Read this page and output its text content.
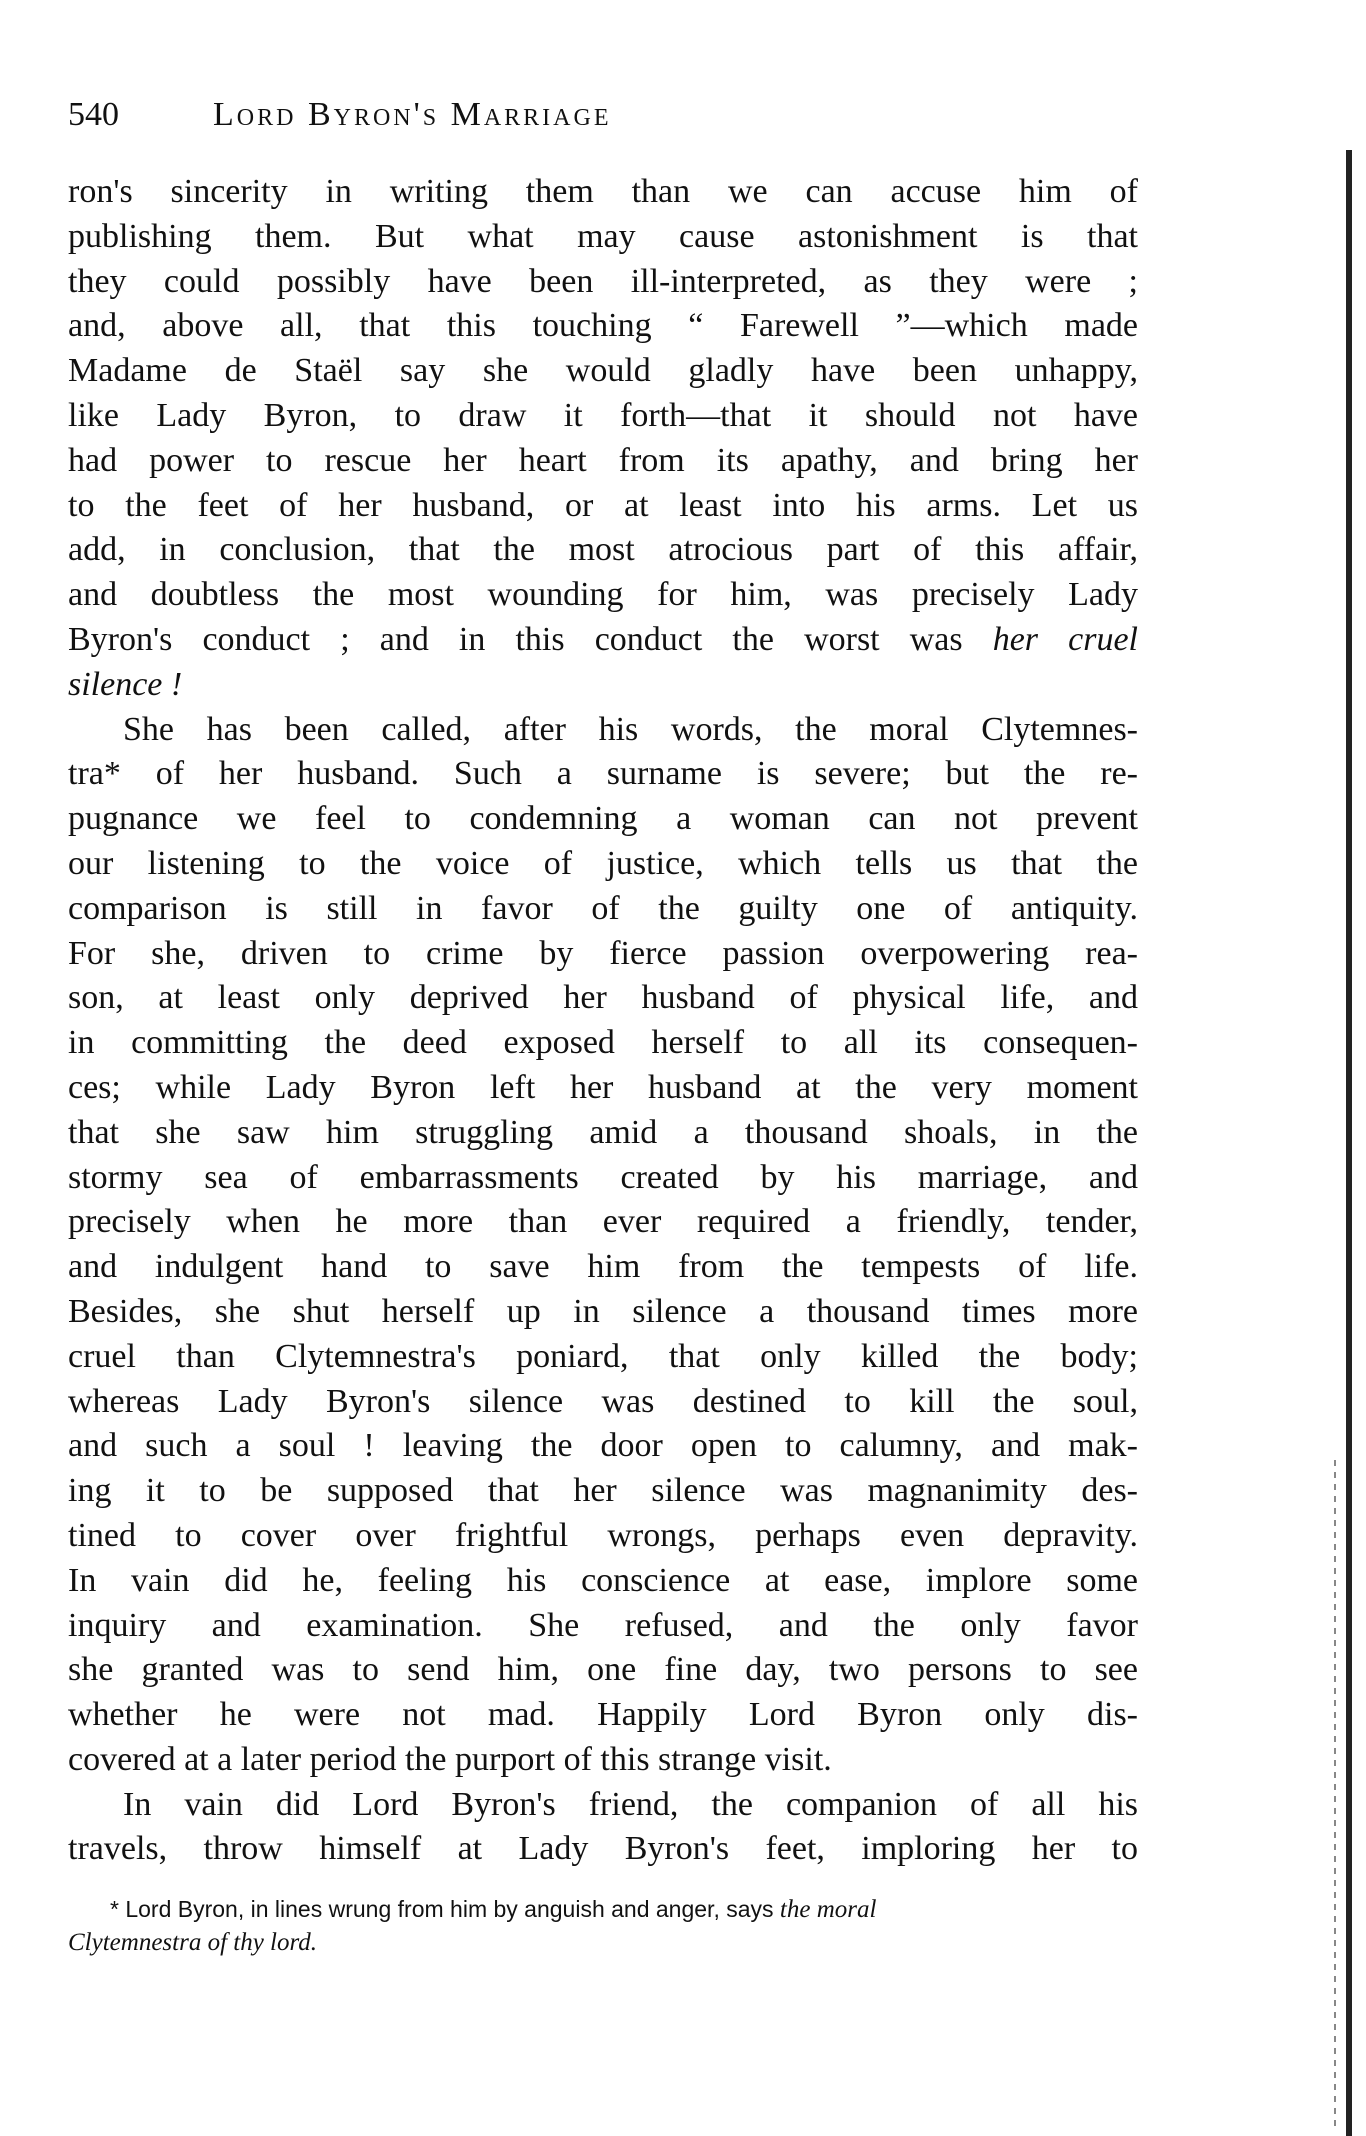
540	Lord Byron's Marriage
ron's sincerity in writing them than we can accuse him of
publishing them. But what may cause astonishment is that
they could possibly have been ill-interpreted, as they were ;
and, above all, that this touching “ Farewell ”—which made
Madame de Staël say she would gladly have been unhappy,
like Lady Byron, to draw it forth—that it should not have
had power to rescue her heart from its apathy, and bring her
to the feet of her husband, or at least into his arms. Let us
add, in conclusion, that the most atrocious part of this affair,
and doubtless the most wounding for him, was precisely Lady
Byron's conduct ; and in this conduct the worst was her cruel
silence !
She has been called, after his words, the moral Clytemnes-
tra* of her husband. Such a surname is severe; but the re-
pugnance we feel to condemning a woman can not prevent
our listening to the voice of justice, which tells us that the
comparison is still in favor of the guilty one of antiquity.
For she, driven to crime by fierce passion overpowering rea-
son, at least only deprived her husband of physical life, and
in committing the deed exposed herself to all its consequen-
ces; while Lady Byron left her husband at the very moment
that she saw him struggling amid a thousand shoals, in the
stormy sea of embarrassments created by his marriage, and
precisely when he more than ever required a friendly, tender,
and indulgent hand to save him from the tempests of life.
Besides, she shut herself up in silence a thousand times more
cruel than Clytemnestra's poniard, that only killed the body;
whereas Lady Byron's silence was destined to kill the soul,
and such a soul ! leaving the door open to calumny, and mak-
ing it to be supposed that her silence was magnanimity des-
tined to cover over frightful wrongs, perhaps even depravity.
In vain did he, feeling his conscience at ease, implore some
inquiry and examination. She refused, and the only favor
she granted was to send him, one fine day, two persons to see
whether he were not mad. Happily Lord Byron only dis-
covered at a later period the purport of this strange visit.
In vain did Lord Byron's friend, the companion of all his
travels, throw himself at Lady Byron's feet, imploring her to
* Lord Byron, in lines wrung from him by anguish and anger, says the moral
Clytemnestra of thy lord.
